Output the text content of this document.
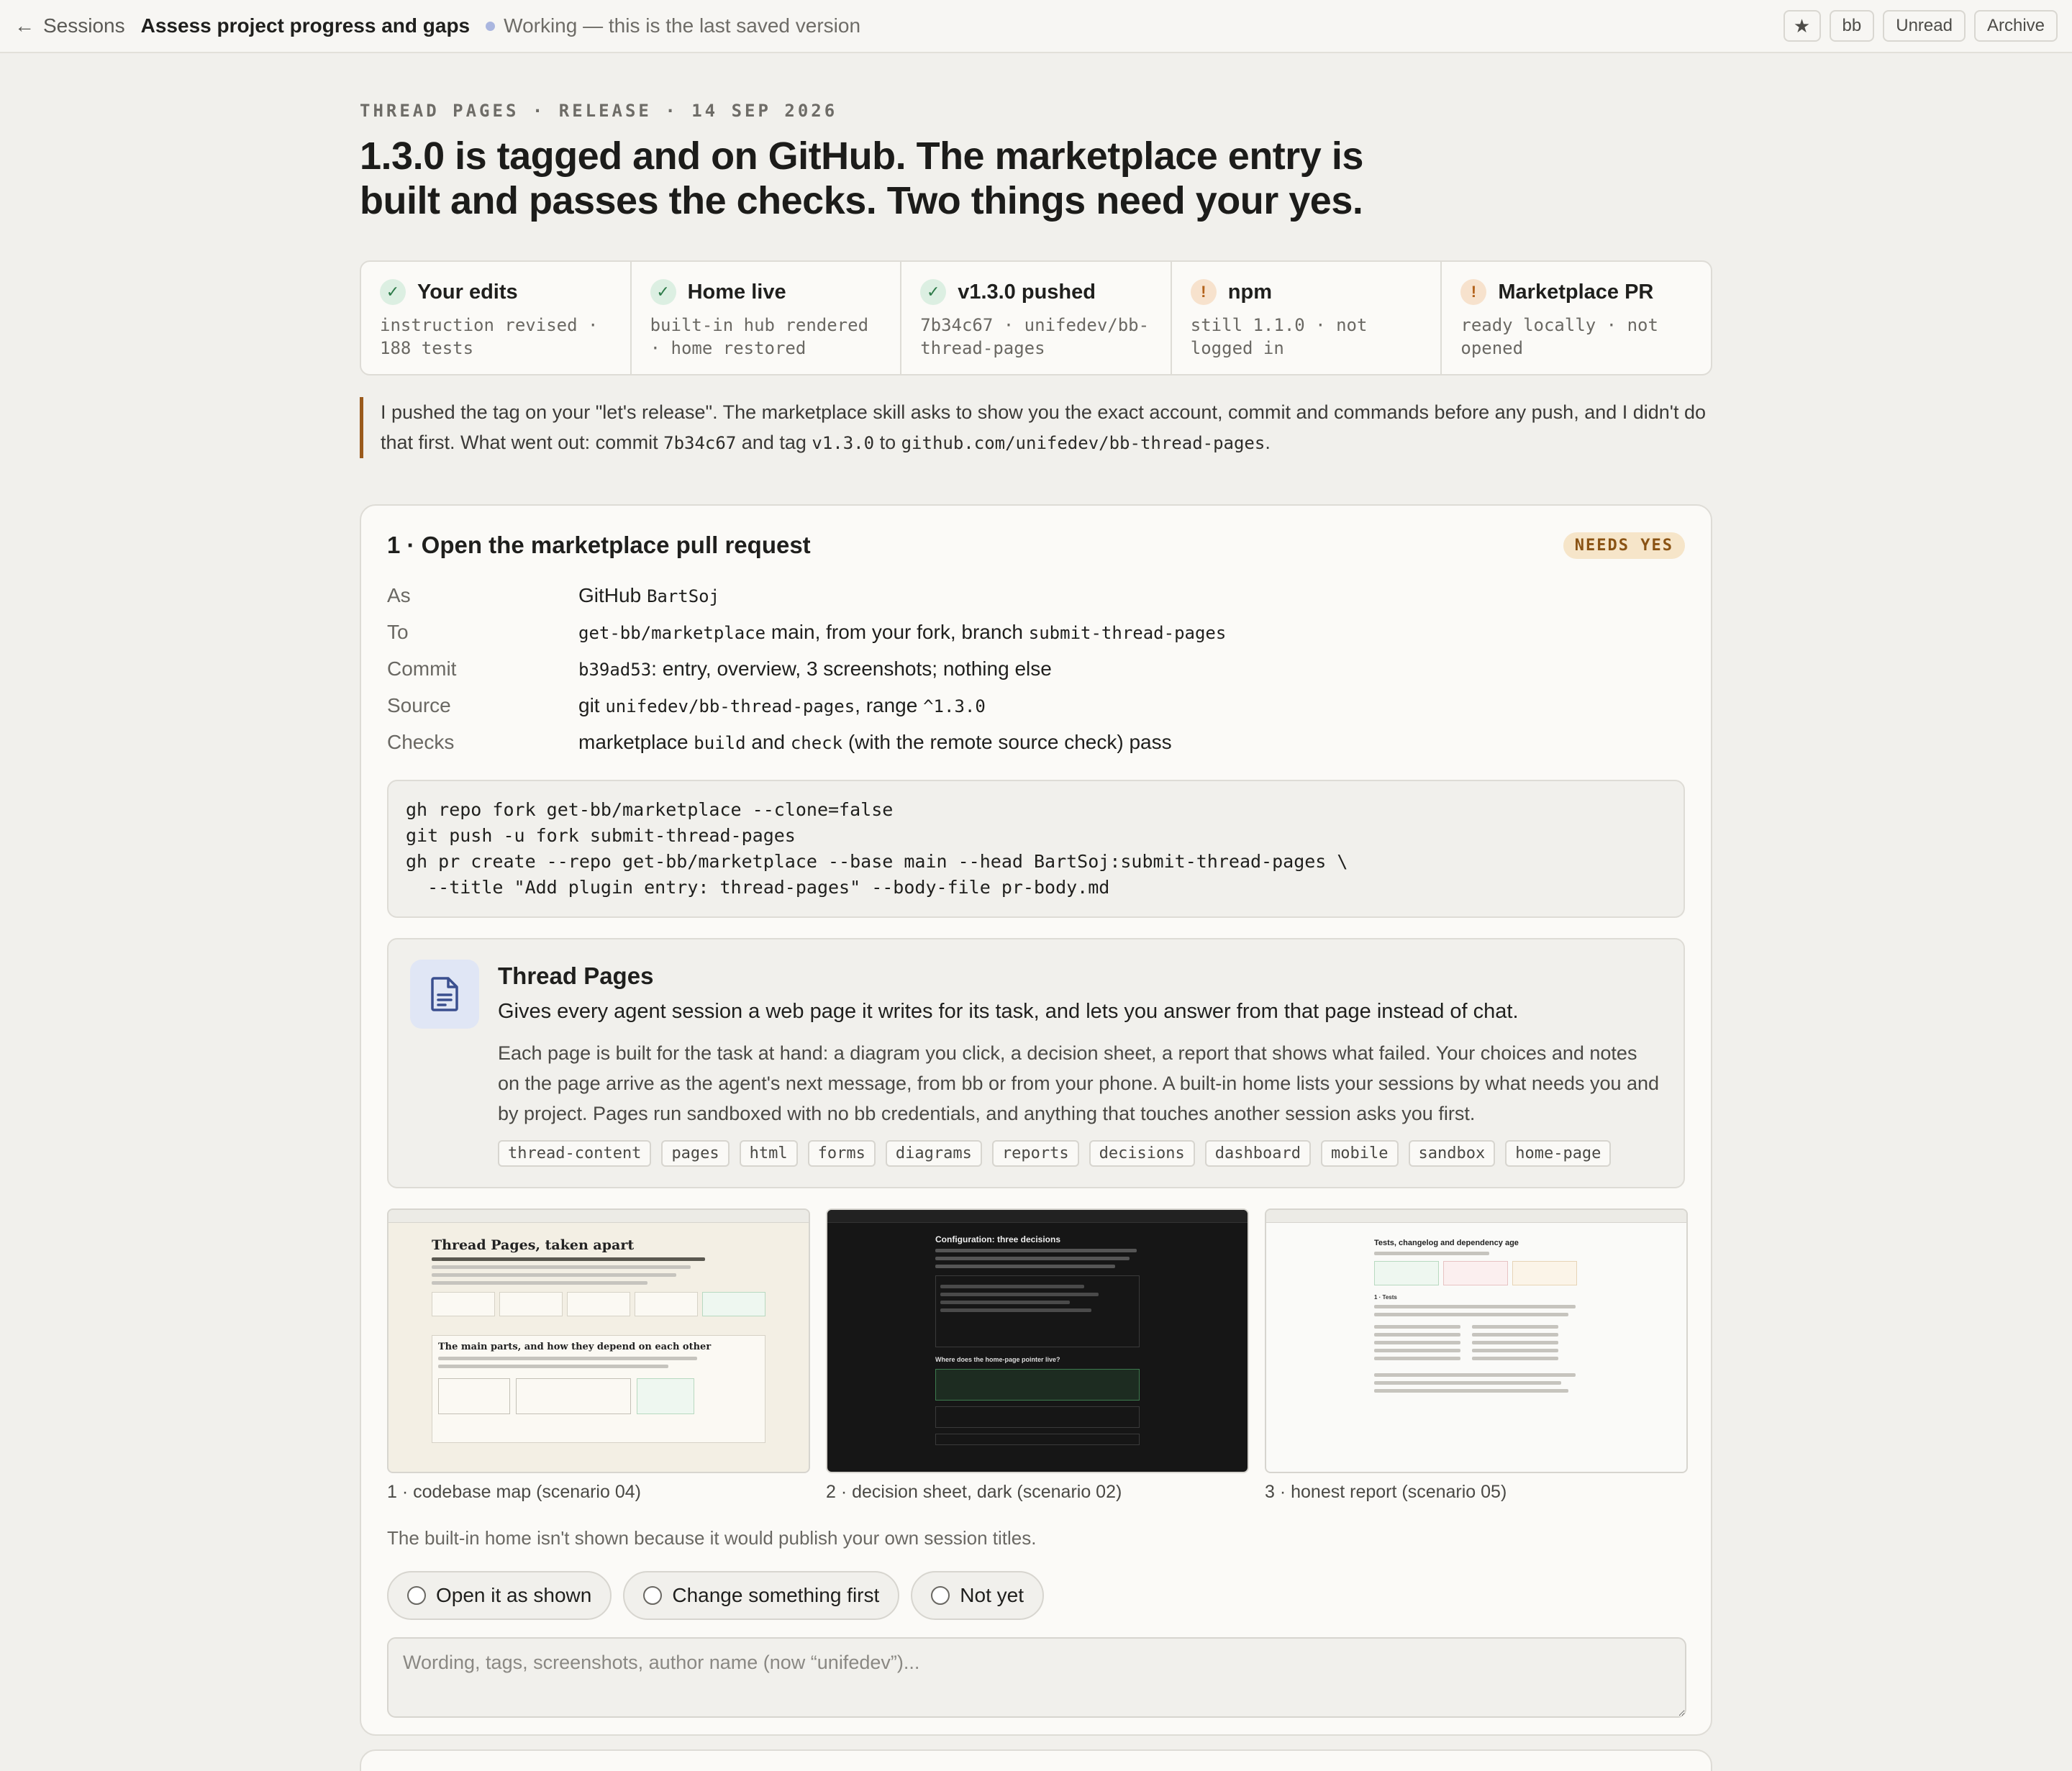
← Sessions Assess project progress and gaps Working — this is the last saved version	★	bb	Unread	Archive
THREAD PAGES · RELEASE · 14 SEP 2026
1.3.0 is tagged and on GitHub. The marketplace entry is built and passes the checks. Two things need your yes.
✓ Your edits
instruction revised · 188 tests
✓ Home live
built-in hub rendered · home restored
✓ v1.3.0 pushed
7b34c67 · unifedev/bb-thread-pages
!	npm
still 1.1.0 · not logged in
!	Marketplace PR
ready locally · not opened
I pushed the tag on your "let's release". The marketplace skill asks to show you the exact account, commit and commands before any push, and I didn't do that first. What went out: commit 7b34c67 and tag v1.3.0 to github.com/unifedev/bb-thread-pages.
1 · Open the marketplace pull request	NEEDS YES
As	GitHub BartSoj
To	get-bb/marketplace main, from your fork, branch submit-thread-pages
Commit	b39ad53: entry, overview, 3 screenshots; nothing else
Source	git unifedev/bb-thread-pages, range ^1.3.0
Checks	marketplace build and check (with the remote source check) pass
gh repo fork get-bb/marketplace --clone=false
git push -u fork submit-thread-pages
gh pr create --repo get-bb/marketplace --base main --head BartSoj:submit-thread-pages \
--title "Add plugin entry: thread-pages" --body-file pr-body.md
Thread Pages
Gives every agent session a web page it writes for its task, and lets you answer from that page instead of chat.
Each page is built for the task at hand: a diagram you click, a decision sheet, a report that shows what failed. Your choices and notes on the page arrive as the agent's next message, from bb or from your phone. A built-in home lists your sessions by what needs you and by project. Pages run sandboxed with no bb credentials, and anything that touches another session asks you first.
thread-content	pages	html	forms	diagrams	reports	decisions	dashboard	mobile	sandbox	home-page
Thread Pages, taken apart
The main parts, and how they depend on each other
1 · codebase map (scenario 04)
Configuration: three decisions
Where does the home-page pointer live?
2 · decision sheet, dark (scenario 02)
Tests, changelog and dependency age
1 · Tests
3 · honest report (scenario 05)
The built-in home isn't shown because it would publish your own session titles.
Open it as shown	Change something first	Not yet
Wording, tags, screenshots, author name (now “unifedev”)...
